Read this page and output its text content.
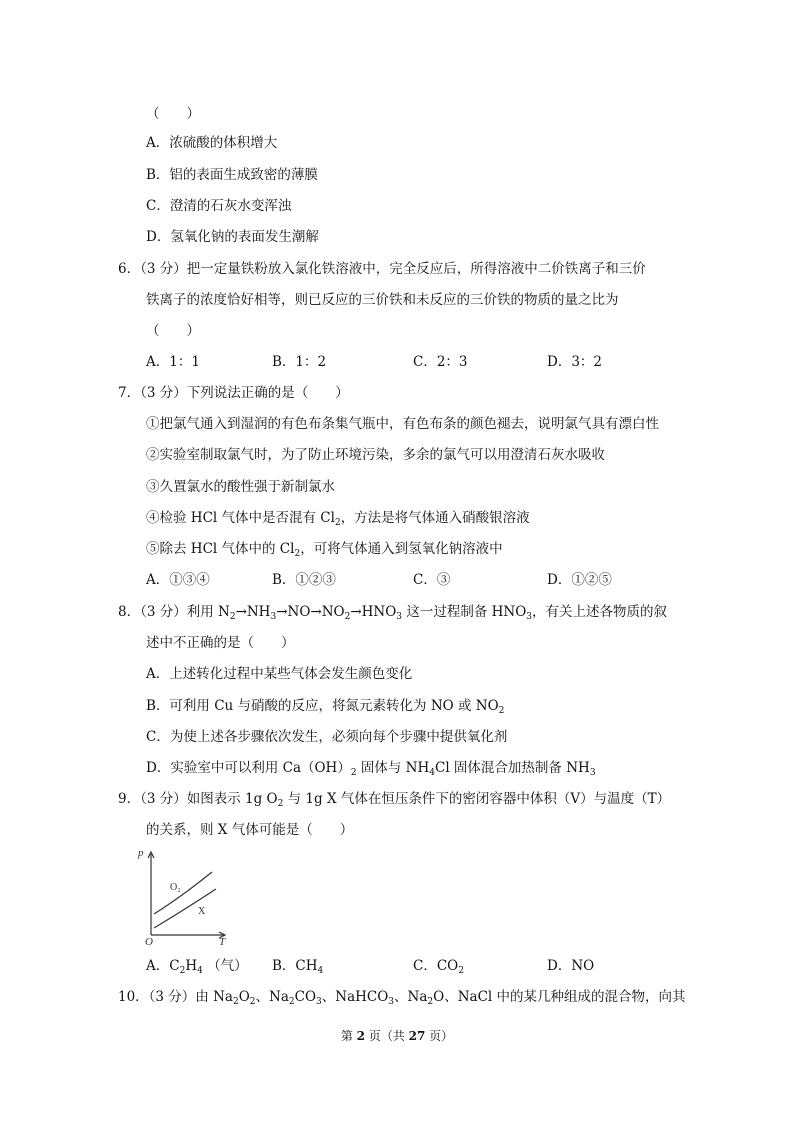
（　　）
A．浓硫酸的体积增大
B．铝的表面生成致密的薄膜
C．澄清的石灰水变浑浊
D．氢氧化钠的表面发生潮解
6．（3 分）把一定量铁粉放入氯化铁溶液中，完全反应后，所得溶液中二价铁离子和三价
铁离子的浓度恰好相等，则已反应的三价铁和未反应的三价铁的物质的量之比为
（　　）
A．1：1	B．1：2	C．2：3	D．3：2
7．（3 分）下列说法正确的是（　　）
①把氯气通入到湿润的有色布条集气瓶中，有色布条的颜色褪去，说明氯气具有漂白性
②实验室制取氯气时，为了防止环境污染，多余的氯气可以用澄清石灰水吸收
③久置氯水的酸性强于新制氯水
④检验 HCl 气体中是否混有 $Cl_2$，方法是将气体通入硝酸银溶液
⑤除去 HCl 气体中的 $Cl_2$，可将气体通入到氢氧化钠溶液中
A．①③④	B．①②③	C．③	D．①②⑤
8．（3 分）利用 $N_2\to NH_3\to NO\to NO_2\to HNO_3$ 这一过程制备 $HNO_3$，有关上述各物质的叙
述中不正确的是（　　）
A．上述转化过程中某些气体会发生颜色变化
B．可利用 Cu 与硝酸的反应，将氮元素转化为 NO 或 $NO_2$
C．为使上述各步骤依次发生，必须向每个步骤中提供氧化剂
D．实验室中可以利用 $Ca(OH)_2$ 固体与 $NH_4Cl$ 固体混合加热制备 $NH_3$
9．（3 分）如图表示 1g $O_2$ 与 1g X 气体在恒压条件下的密闭容器中体积（V）与温度（T）
的关系，则 X 气体可能是（　　）
p
T
O
O₂
X
A．$C_2H_4$ （气） B．$CH_4$	C．$CO_2$	D．NO
10．（3 分）由 $Na_2O_2$、$Na_2CO_3$、NaHCO$_3$、$Na_2O$、NaCl 中的某几种组成的混合物，向其
第 2 页（共 27 页）
